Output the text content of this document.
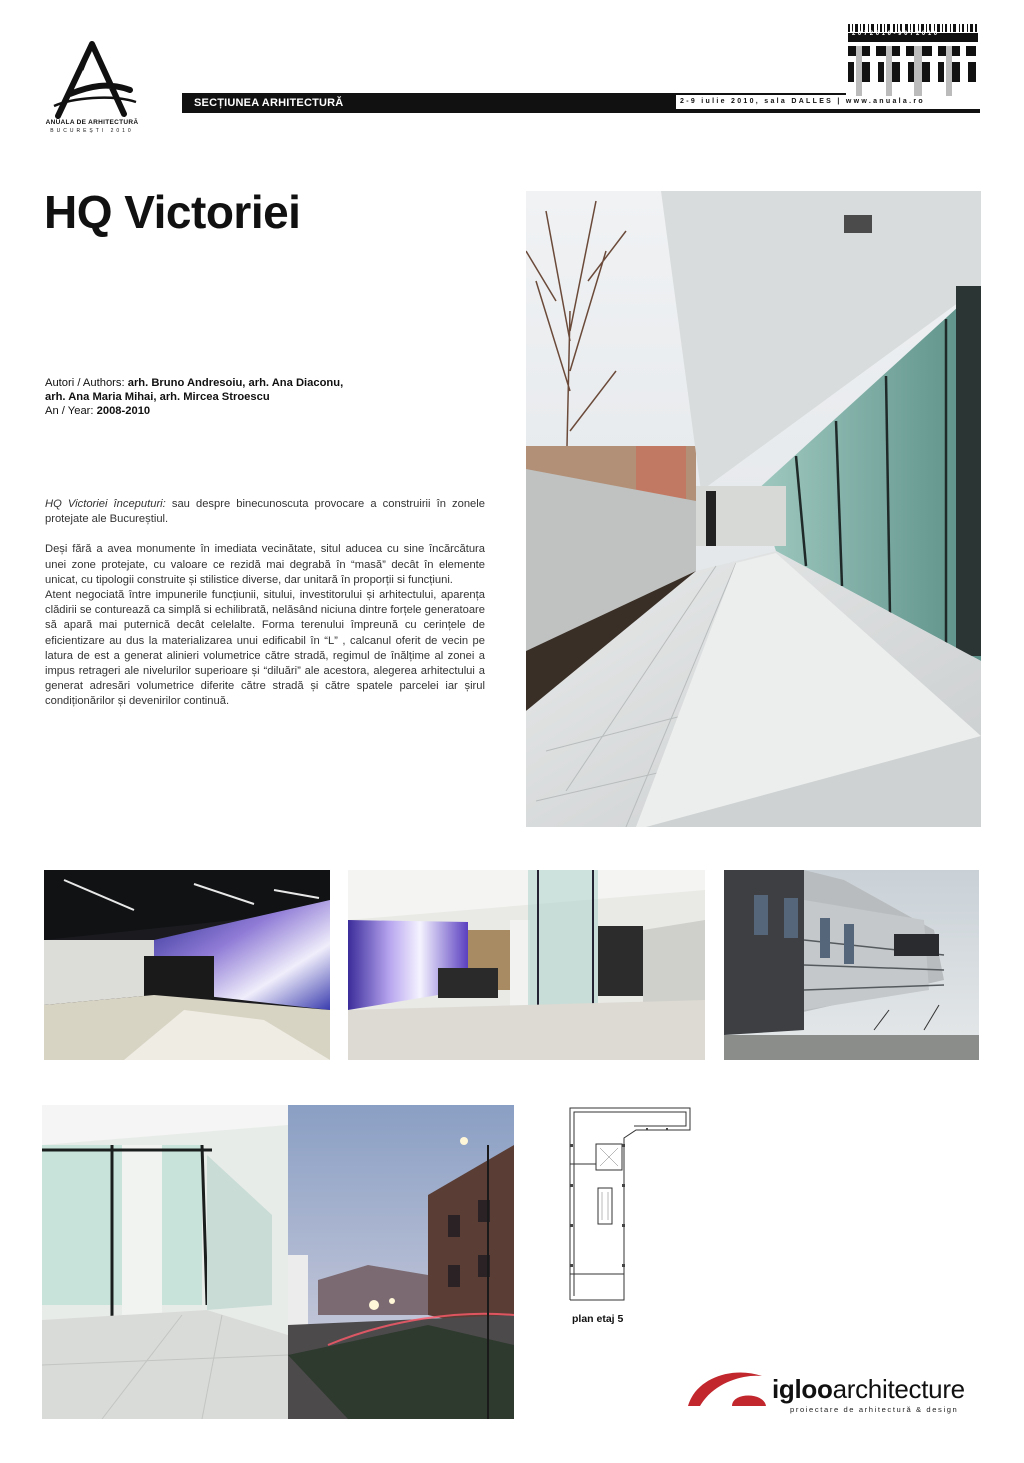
ANUALA DE ARHITECTURĂ
BUCUREȘTI 2010
SECȚIUNEA ARHITECTURĂ	2-9 iulie 2010, sala DALLES | www.anuala.ro
2072010-9072010
HQ Victoriei
Autori / Authors: arh. Bruno Andresoiu, arh. Ana Diaconu,
arh. Ana Maria Mihai, arh. Mircea Stroescu
An / Year: 2008-2010

HQ Victoriei începuturi: sau despre binecunoscuta provocare a construirii în zonele protejate ale Bucureștiul.

Deși fără a avea monumente în imediata vecinătate, situl aducea cu sine încărcătura unei zone protejate, cu valoare ce rezidă mai degrabă în “masă” decât în elemente unicat, cu tipologii construite și stilistice diverse, dar unitară în proporții si funcțiuni.

Atent negociată între impunerile funcțiunii, sitului, investitorului și arhitectului, aparența clădirii se conturează ca simplă si echilibrată, nelăsând niciuna dintre forțele generatoare să apară mai puternică decât celelalte. Forma terenului împreună cu cerințele de eficientizare au dus la materializarea unui edificabil în “L” , calcanul oferit de vecin pe latura de est a generat alinieri volumetrice către stradă, regimul de înălțime al zonei a impus retrageri ale nivelurilor superioare și “diluări” ale acestora, alegerea arhitectului a generat adresări volumetrice diferite către stradă și către spatele parcelei iar șirul condiționărilor și devenirilor continuă.

plan etaj 5
iglooarchitecture
proiectare de arhitectură & design
